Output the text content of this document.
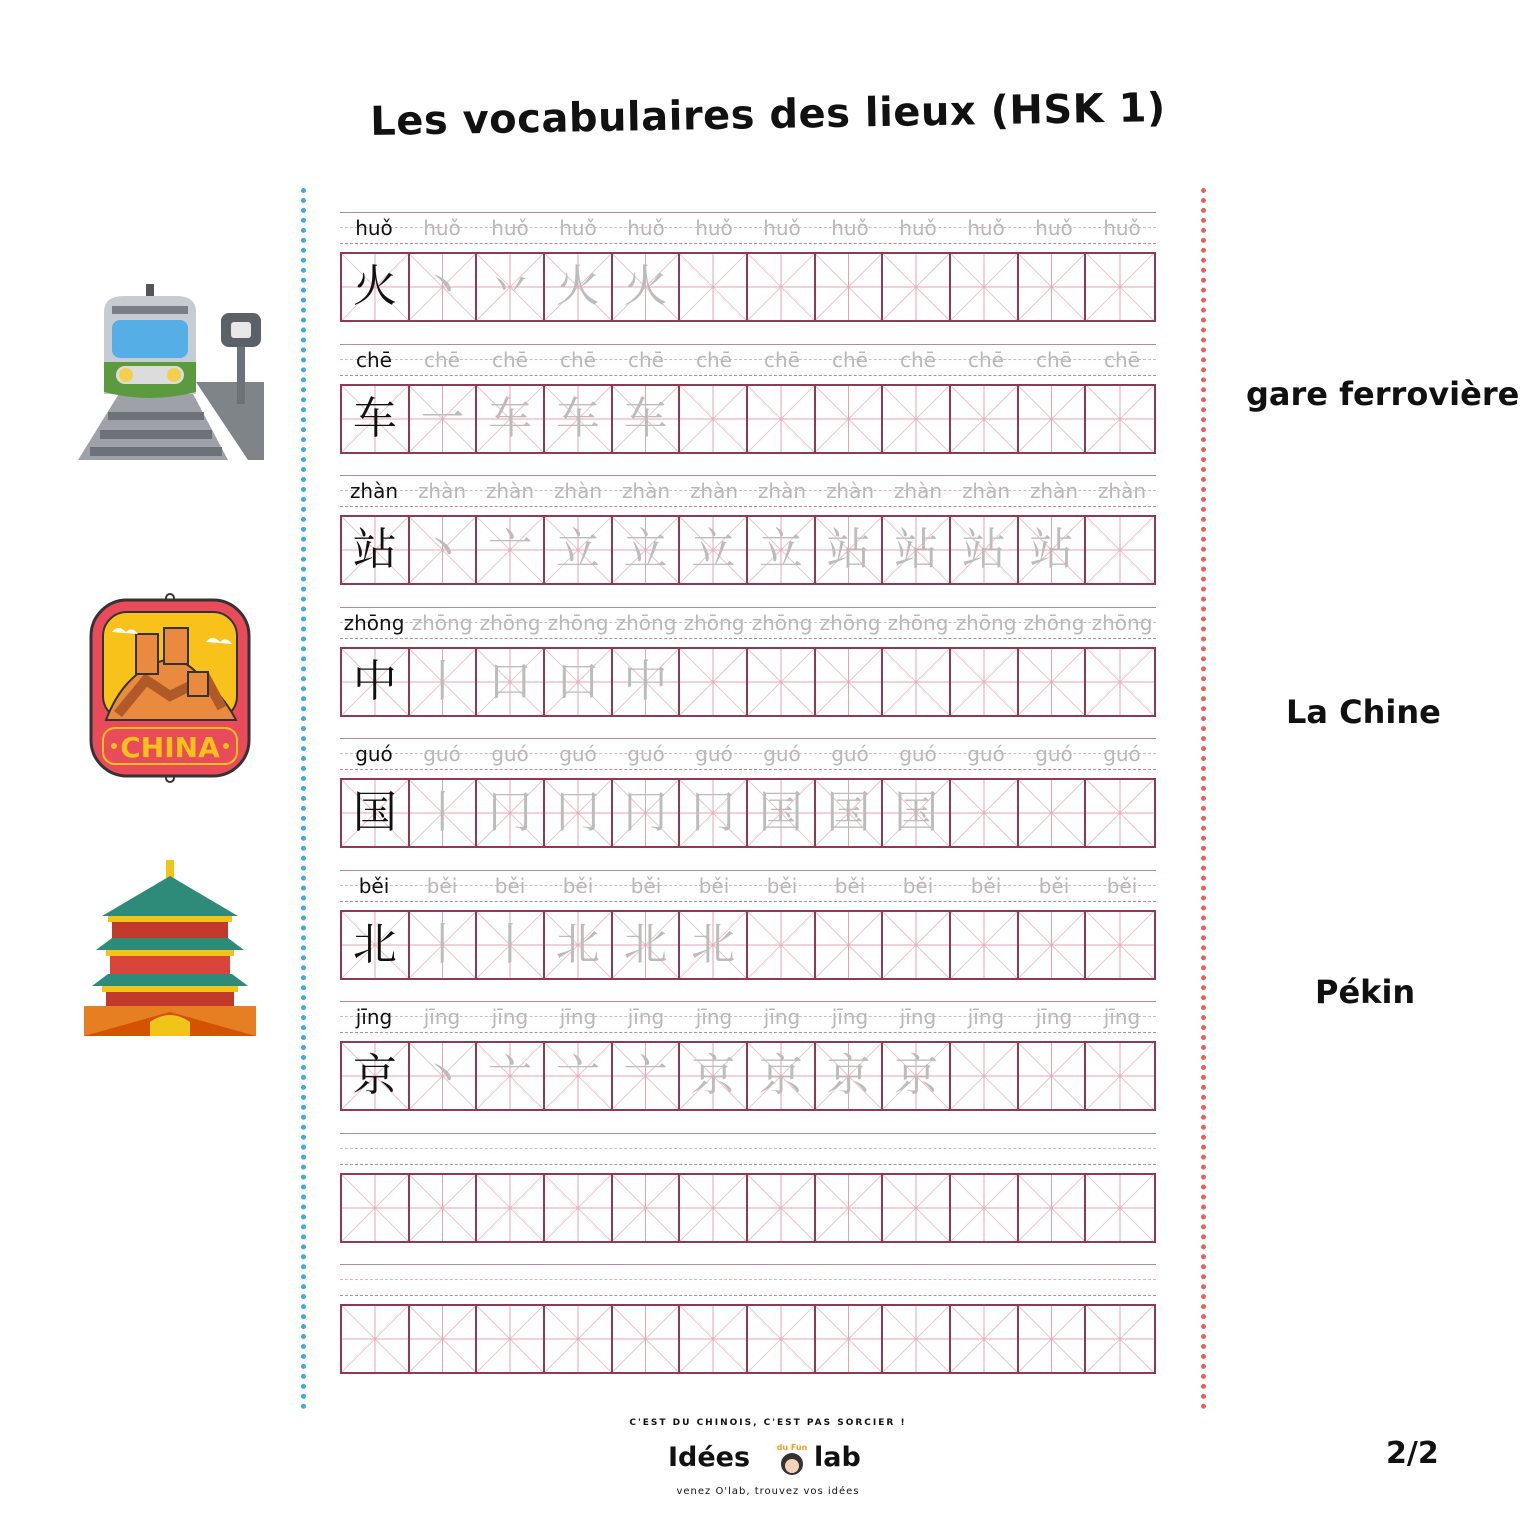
Les vocabulaires des lieux (HSK 1)
CHINA
gare ferrovière
La Chine
Pékin
huǒ	huǒ	huǒ	huǒ	huǒ	huǒ	huǒ	huǒ	huǒ	huǒ	huǒ	huǒ
火 丶 丷 火 火
chē	chē	chē	chē	chē	chē	chē	chē	chē	chē	chē	chē
车 一 车 车 车
zhàn zhàn zhàn zhàn zhàn zhàn zhàn zhàn zhàn zhàn zhàn zhàn
站 丶 亠 立 立 立 立 站 站 站 站
zhōng zhōng zhōng zhōng zhōng zhōng zhōng zhōng zhōng zhōng zhōng zhōng
中 丨 口 口 中
guó	guó	guó	guó	guó	guó	guó	guó	guó	guó	guó	guó
国 丨 冂 冂 冂 冂 国 国 国
běi	běi	běi	běi	běi	běi	běi	běi	běi	běi	běi	běi
北 丨 丨 北 北 北
jīng	jīng	jīng	jīng	jīng	jīng	jīng	jīng	jīng	jīng	jīng	jīng
京 丶 亠 亠 亠 京 京 京 京
C'EST DU CHINOIS, C'EST PAS SORCIER !
Idées	du Fun lab
venez O'lab, trouvez vos idées
2/2
